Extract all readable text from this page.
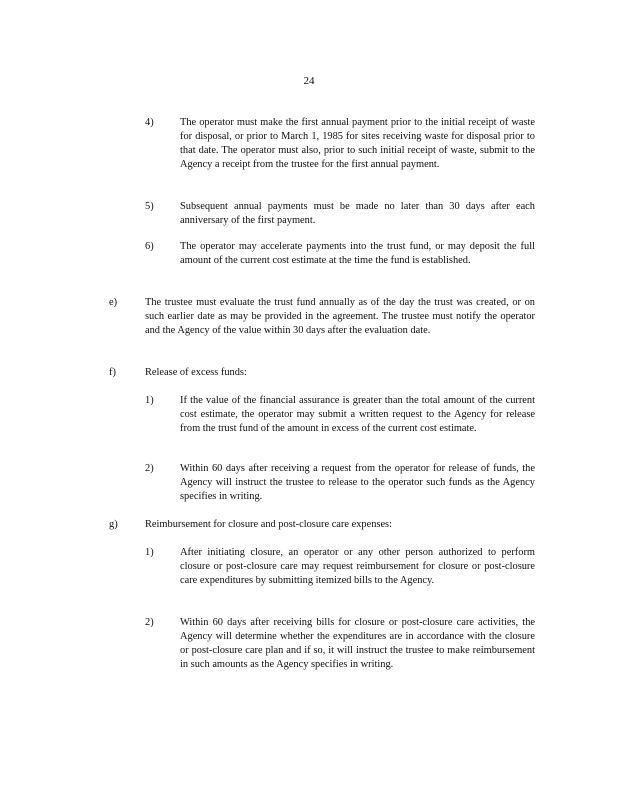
24
4)	The operator must make the first annual payment prior to the initial receipt of waste for disposal, or prior to March 1, 1985 for sites receiving waste for disposal prior to that date. The operator must also, prior to such initial receipt of waste, submit to the Agency a receipt from the trustee for the first annual payment.
5)	Subsequent annual payments must be made no later than 30 days after each anniversary of the first payment.
6)	The operator may accelerate payments into the trust fund, or may deposit the full amount of the current cost estimate at the time the fund is established.
e)	The trustee must evaluate the trust fund annually as of the day the trust was created, or on such earlier date as may be provided in the agreement. The trustee must notify the operator and the Agency of the value within 30 days after the evaluation date.
f)	Release of excess funds:
1)	If the value of the financial assurance is greater than the total amount of the current cost estimate, the operator may submit a written request to the Agency for release from the trust fund of the amount in excess of the current cost estimate.
2)	Within 60 days after receiving a request from the operator for release of funds, the Agency will instruct the trustee to release to the operator such funds as the Agency specifies in writing.
g)	Reimbursement for closure and post-closure care expenses:
1)	After initiating closure, an operator or any other person authorized to perform closure or post-closure care may request reimbursement for closure or post-closure care expenditures by submitting itemized bills to the Agency.
2)	Within 60 days after receiving bills for closure or post-closure care activities, the Agency will determine whether the expenditures are in accordance with the closure or post-closure care plan and if so, it will instruct the trustee to make reimbursement in such amounts as the Agency specifies in writing.
